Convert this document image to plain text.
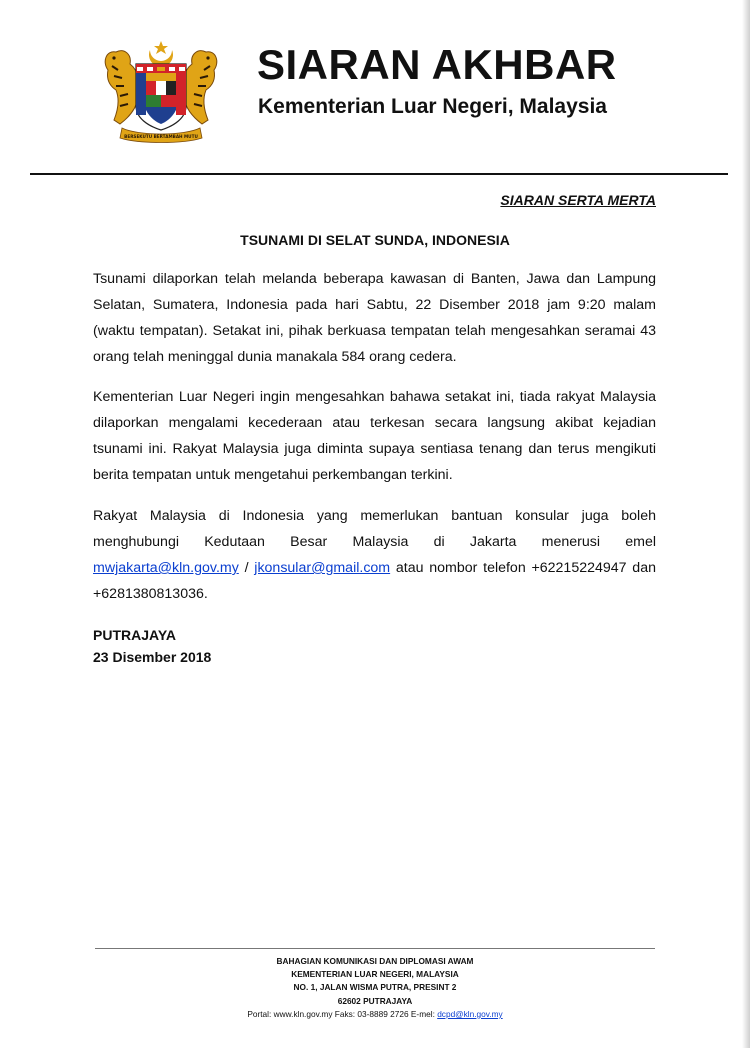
BERSEKUTU BERTAMBAH MUTU
SIARAN AKHBAR
Kementerian Luar Negeri, Malaysia
SIARAN SERTA MERTA
TSUNAMI DI SELAT SUNDA, INDONESIA

Tsunami dilaporkan telah melanda beberapa kawasan di Banten, Jawa dan Lampung Selatan, Sumatera, Indonesia pada hari Sabtu, 22 Disember 2018 jam 9:20 malam (waktu tempatan). Setakat ini, pihak berkuasa tempatan telah mengesahkan seramai 43 orang telah meninggal dunia manakala 584 orang cedera.

Kementerian Luar Negeri ingin mengesahkan bahawa setakat ini, tiada rakyat Malaysia dilaporkan mengalami kecederaan atau terkesan secara langsung akibat kejadian tsunami ini. Rakyat Malaysia juga diminta supaya sentiasa tenang dan terus mengikuti berita tempatan untuk mengetahui perkembangan terkini.

Rakyat Malaysia di Indonesia yang memerlukan bantuan konsular juga boleh menghubungi Kedutaan Besar Malaysia di Jakarta menerusi emel mwjakarta@kln.gov.my / jkonsular@gmail.com atau nombor telefon +62215224947 dan +6281380813036.

PUTRAJAYA
23 Disember 2018
BAHAGIAN KOMUNIKASI DAN DIPLOMASI AWAM
KEMENTERIAN LUAR NEGERI, MALAYSIA
NO. 1, JALAN WISMA PUTRA, PRESINT 2
62602 PUTRAJAYA
Portal: www.kln.gov.my Faks: 03-8889 2726 E-mel: dcpd@kln.gov.my
